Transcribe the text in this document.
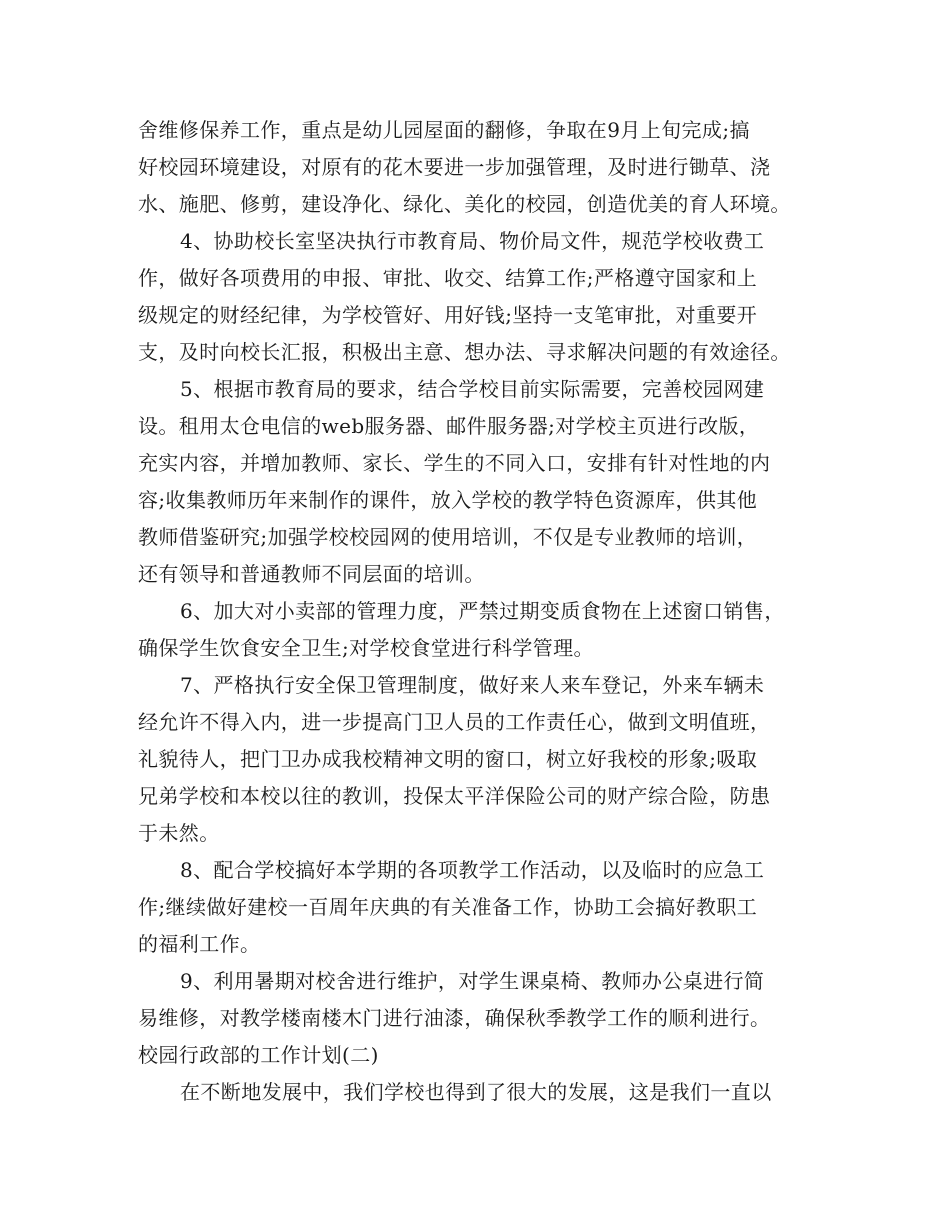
舍维修保养工作，重点是幼儿园屋面的翻修，争取在9月上旬完成;搞
好校园环境建设，对原有的花木要进一步加强管理，及时进行锄草、浇
水、施肥、修剪，建设净化、绿化、美化的校园，创造优美的育人环境。
4、协助校长室坚决执行市教育局、物价局文件，规范学校收费工
作，做好各项费用的申报、审批、收交、结算工作;严格遵守国家和上
级规定的财经纪律，为学校管好、用好钱;坚持一支笔审批，对重要开
支，及时向校长汇报，积极出主意、想办法、寻求解决问题的有效途径。
5、根据市教育局的要求，结合学校目前实际需要，完善校园网建
设。租用太仓电信的web服务器、邮件服务器;对学校主页进行改版，
充实内容，并增加教师、家长、学生的不同入口，安排有针对性地的内
容;收集教师历年来制作的课件，放入学校的教学特色资源库，供其他
教师借鉴研究;加强学校校园网的使用培训，不仅是专业教师的培训，
还有领导和普通教师不同层面的培训。
6、加大对小卖部的管理力度，严禁过期变质食物在上述窗口销售，
确保学生饮食安全卫生;对学校食堂进行科学管理。
7、严格执行安全保卫管理制度，做好来人来车登记，外来车辆未
经允许不得入内，进一步提高门卫人员的工作责任心，做到文明值班，
礼貌待人，把门卫办成我校精神文明的窗口，树立好我校的形象;吸取
兄弟学校和本校以往的教训，投保太平洋保险公司的财产综合险，防患
于未然。
8、配合学校搞好本学期的各项教学工作活动，以及临时的应急工
作;继续做好建校一百周年庆典的有关准备工作，协助工会搞好教职工
的福利工作。
9、利用暑期对校舍进行维护，对学生课桌椅、教师办公桌进行简
易维修，对教学楼南楼木门进行油漆，确保秋季教学工作的顺利进行。
校园行政部的工作计划(二)
在不断地发展中，我们学校也得到了很大的发展，这是我们一直以
